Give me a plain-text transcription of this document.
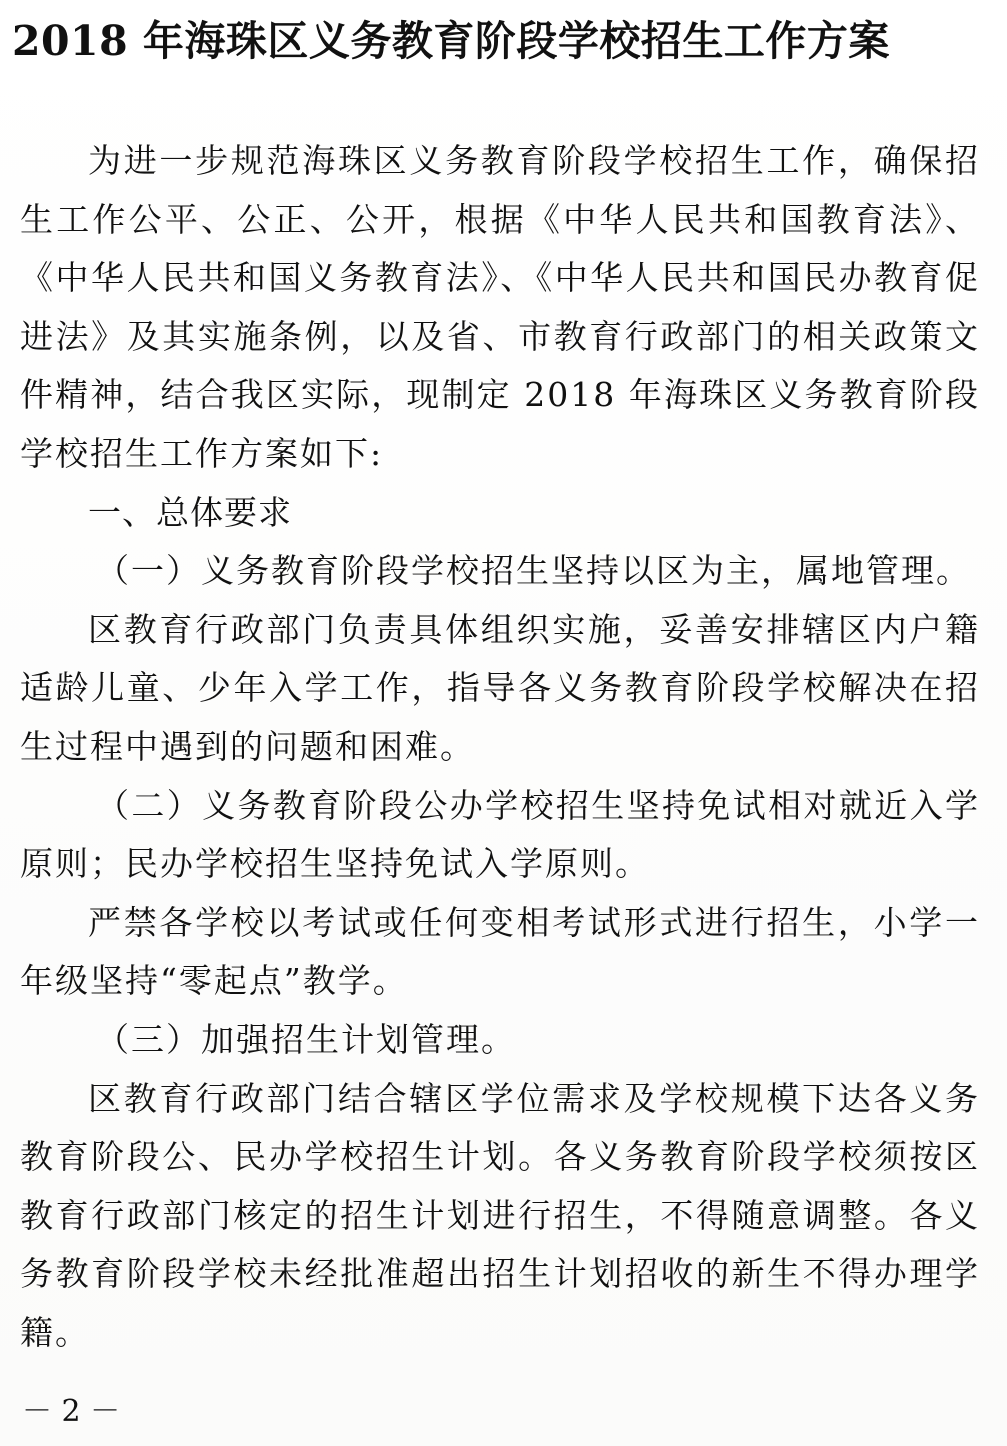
2018 年海珠区义务教育阶段学校招生工作方案

为进一步规范海珠区义务教育阶段学校招生工作，确保招生工作公平、公正、公开，根据《中华人民共和国教育法》、《中华人民共和国义务教育法》、《中华人民共和国民办教育促进法》及其实施条例，以及省、市教育行政部门的相关政策文件精神，结合我区实际，现制定 2018 年海珠区义务教育阶段学校招生工作方案如下:

一、总体要求

（一）义务教育阶段学校招生坚持以区为主，属地管理。

区教育行政部门负责具体组织实施，妥善安排辖区内户籍适龄儿童、少年入学工作，指导各义务教育阶段学校解决在招生过程中遇到的问题和困难。

（二）义务教育阶段公办学校招生坚持免试相对就近入学原则；民办学校招生坚持免试入学原则。

严禁各学校以考试或任何变相考试形式进行招生，小学一年级坚持“零起点”教学。

（三）加强招生计划管理。

区教育行政部门结合辖区学位需求及学校规模下达各义务教育阶段公、民办学校招生计划。各义务教育阶段学校须按区教育行政部门核定的招生计划进行招生，不得随意调整。各义务教育阶段学校未经批准超出招生计划招收的新生不得办理学籍。

－ 2 －
